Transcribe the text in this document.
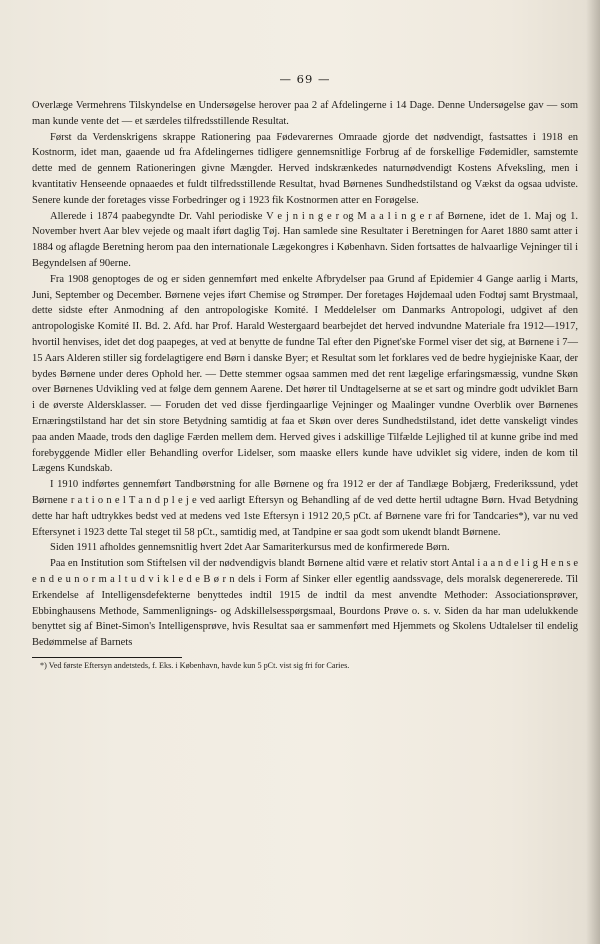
— 69 —

Overlæge Vermehrens Tilskyndelse en Undersøgelse herover paa 2 af Afdelingerne i 14 Dage. Denne Undersøgelse gav — som man kunde vente det — et særdeles tilfredsstillende Resultat.

Først da Verdenskrigens skrappe Rationering paa Fødevarernes Omraade gjorde det nødvendigt, fastsattes i 1918 en Kostnorm, idet man, gaaende ud fra Afdelingernes tidligere gennemsnitlige Forbrug af de forskellige Fødemidler, samstemte dette med de gennem Rationeringen givne Mængder. Herved indskrænkedes naturnødvendigt Kostens Afveksling, men i kvantitativ Henseende opnaaedes et fuldt tilfredsstillende Resultat, hvad Børnenes Sundhedstilstand og Vækst da ogsaa udviste. Senere kunde der foretages visse Forbedringer og i 1923 fik Kostnormen atter en Forøgelse.

Allerede i 1874 paabegyndte Dr. Vahl periodiske V e j n i n g e r og M a a l i n g e r af Børnene, idet de 1. Maj og 1. November hvert Aar blev vejede og maalt iført daglig Tøj. Han samlede sine Resultater i Beretningen for Aaret 1880 samt atter i 1884 og aflagde Beretning herom paa den internationale Lægekongres i København. Siden fortsattes de halvaarlige Vejninger til i Begyndelsen af 90erne.

Fra 1908 genoptoges de og er siden gennemført med enkelte Afbrydelser paa Grund af Epidemier 4 Gange aarlig i Marts, Juni, September og December. Børnene vejes iført Chemise og Strømper. Der foretages Højdemaal uden Fodtøj samt Brystmaal, dette sidste efter Anmodning af den antropologiske Komité. I Meddelelser om Danmarks Antropologi, udgivet af den antropologiske Komité II. Bd. 2. Afd. har Prof. Harald Westergaard bearbejdet det herved indvundne Materiale fra 1912—1917, hvortil henvises, idet det dog paapeges, at ved at benytte de fundne Tal efter den Pignet'ske Formel viser det sig, at Børnene i 7—15 Aars Alderen stiller sig fordelagtigere end Børn i danske Byer; et Resultat som let forklares ved de bedre hygiejniske Kaar, der bydes Børnene under deres Ophold her. — Dette stemmer ogsaa sammen med det rent lægelige erfaringsmæssig, vundne Skøn over Børnenes Udvikling ved at følge dem gennem Aarene. Det hører til Undtagelserne at se et sart og mindre godt udviklet Barn i de øverste Aldersklasser. — Foruden det ved disse fjerdingaarlige Vejninger og Maalinger vundne Overblik over Børnenes Ernæringstilstand har det sin store Betydning samtidig at faa et Skøn over deres Sundhedstilstand, idet dette vanskeligt vindes paa anden Maade, trods den daglige Færden mellem dem. Herved gives i adskillige Tilfælde Lejlighed til at kunne gribe ind med forebyggende Midler eller Behandling overfor Lidelser, som maaske ellers kunde have udviklet sig videre, inden de kom til Lægens Kundskab.

I 1910 indførtes gennemført Tandbørstning for alle Børnene og fra 1912 er der af Tandlæge Bobjærg, Frederikssund, ydet Børnene r a t i o n e l T a n d p l e j e ved aarligt Eftersyn og Behandling af de ved dette hertil udtagne Børn. Hvad Betydning dette har haft udtrykkes bedst ved at medens ved 1ste Eftersyn i 1912 20,5 pCt. af Børnene vare fri for Tandcaries*), var nu ved Eftersynet i 1923 dette Tal steget til 58 pCt., samtidig med, at Tandpine er saa godt som ukendt blandt Børnene.

Siden 1911 afholdes gennemsnitlig hvert 2det Aar Samariterkursus med de konfirmerede Børn.

Paa en Institution som Stiftelsen vil der nødvendigvis blandt Børnene altid være et relativ stort Antal i a a n d e l i g H e n s e e n d e u n o r m a l t u d v i k l e d e B ø r n dels i Form af Sinker eller egentlig aandssvage, dels moralsk degenererede. Til Erkendelse af Intelligensdefekterne benyttedes indtil 1915 de indtil da mest anvendte Methoder: Associationsprøver, Ebbinghausens Methode, Sammenlignings- og Adskillelsesspørgsmaal, Bourdons Prøve o. s. v. Siden da har man udelukkende benyttet sig af Binet-Simon's Intelligensprøve, hvis Resultat saa er sammenført med Hjemmets og Skolens Udtalelser til endelig Bedømmelse af Barnets

*) Ved første Eftersyn andetsteds, f. Eks. i København, havde kun 5 pCt. vist sig fri for Caries.
